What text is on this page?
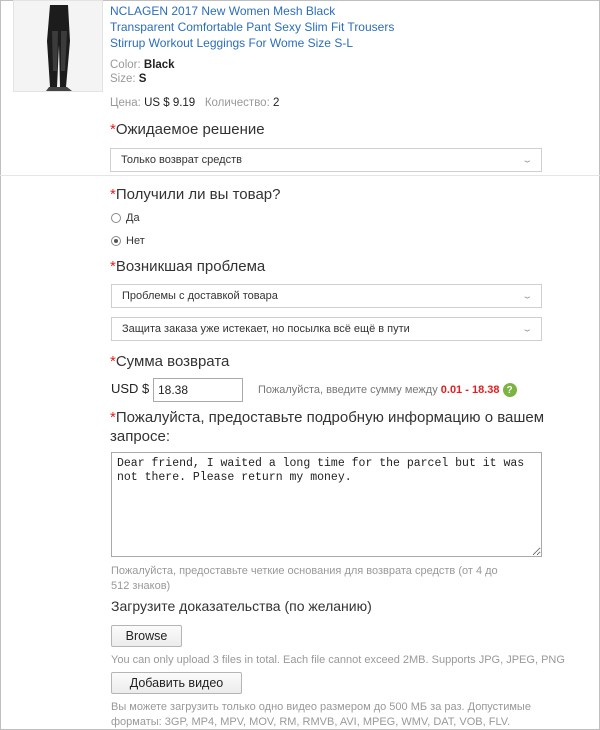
NCLAGEN 2017 New Women Mesh Black
Transparent Comfortable Pant Sexy Slim Fit Trousers
Stirrup Workout Leggings For Wome Size S-L
Color: Black
Size: S
Цена: US $ 9.19 Количество: 2
*Ожидаемое решение
Только возврат средств	⌄
*Получили ли вы товар?
Да
Нет
*Возникшая проблема
Проблемы с доставкой товара	⌄
Защита заказа уже истекает, но посылка всё ещё в пути	⌄
*Сумма возврата
USD $
18.38	Пожалуйста, введите сумму между 0.01 - 18.38 ?
*Пожалуйста, предоставьте подробную информацию о вашем
запросе:
Dear friend, I waited a long time for the parcel but it was not there. Please return my money.
Пожалуйста, предоставьте четкие основания для возврата средств (от 4 до
512 знаков)
Загрузите доказательства (по желанию)
Browse
You can only upload 3 files in total. Each file cannot exceed 2MB. Supports JPG, JPEG, PNG
Добавить видео
Вы можете загрузить только одно видео размером до 500 МБ за раз. Допустимые
форматы: 3GP, MP4, MPV, MOV, RM, RMVB, AVI, MPEG, WMV, DAT, VOB, FLV.
